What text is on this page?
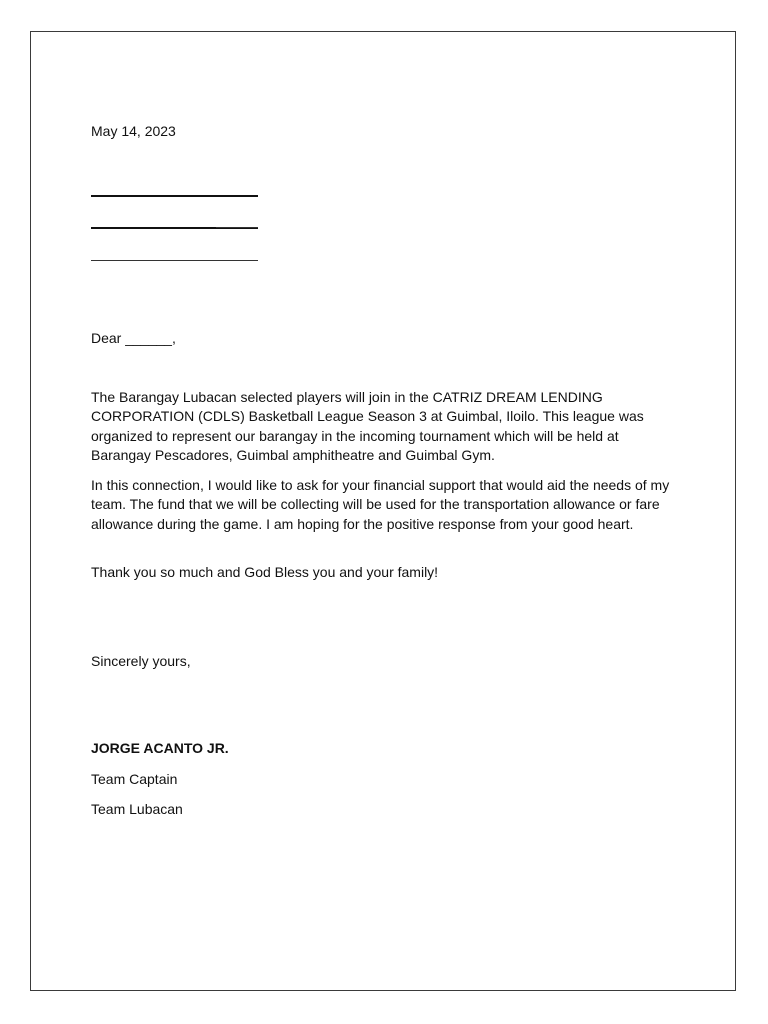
May 14, 2023
Dear ______,
The Barangay Lubacan selected players will join in the CATRIZ DREAM LENDING CORPORATION (CDLS) Basketball League Season 3 at Guimbal, Iloilo. This league was organized to represent our barangay in the incoming tournament which will be held at Barangay Pescadores, Guimbal amphitheatre and Guimbal Gym.
In this connection, I would like to ask for your financial support that would aid the needs of my team. The fund that we will be collecting will be used for the transportation allowance or fare allowance during the game. I am hoping for the positive response from your good heart.
Thank you so much and God Bless you and your family!
Sincerely yours,
JORGE ACANTO JR.
Team Captain
Team Lubacan
